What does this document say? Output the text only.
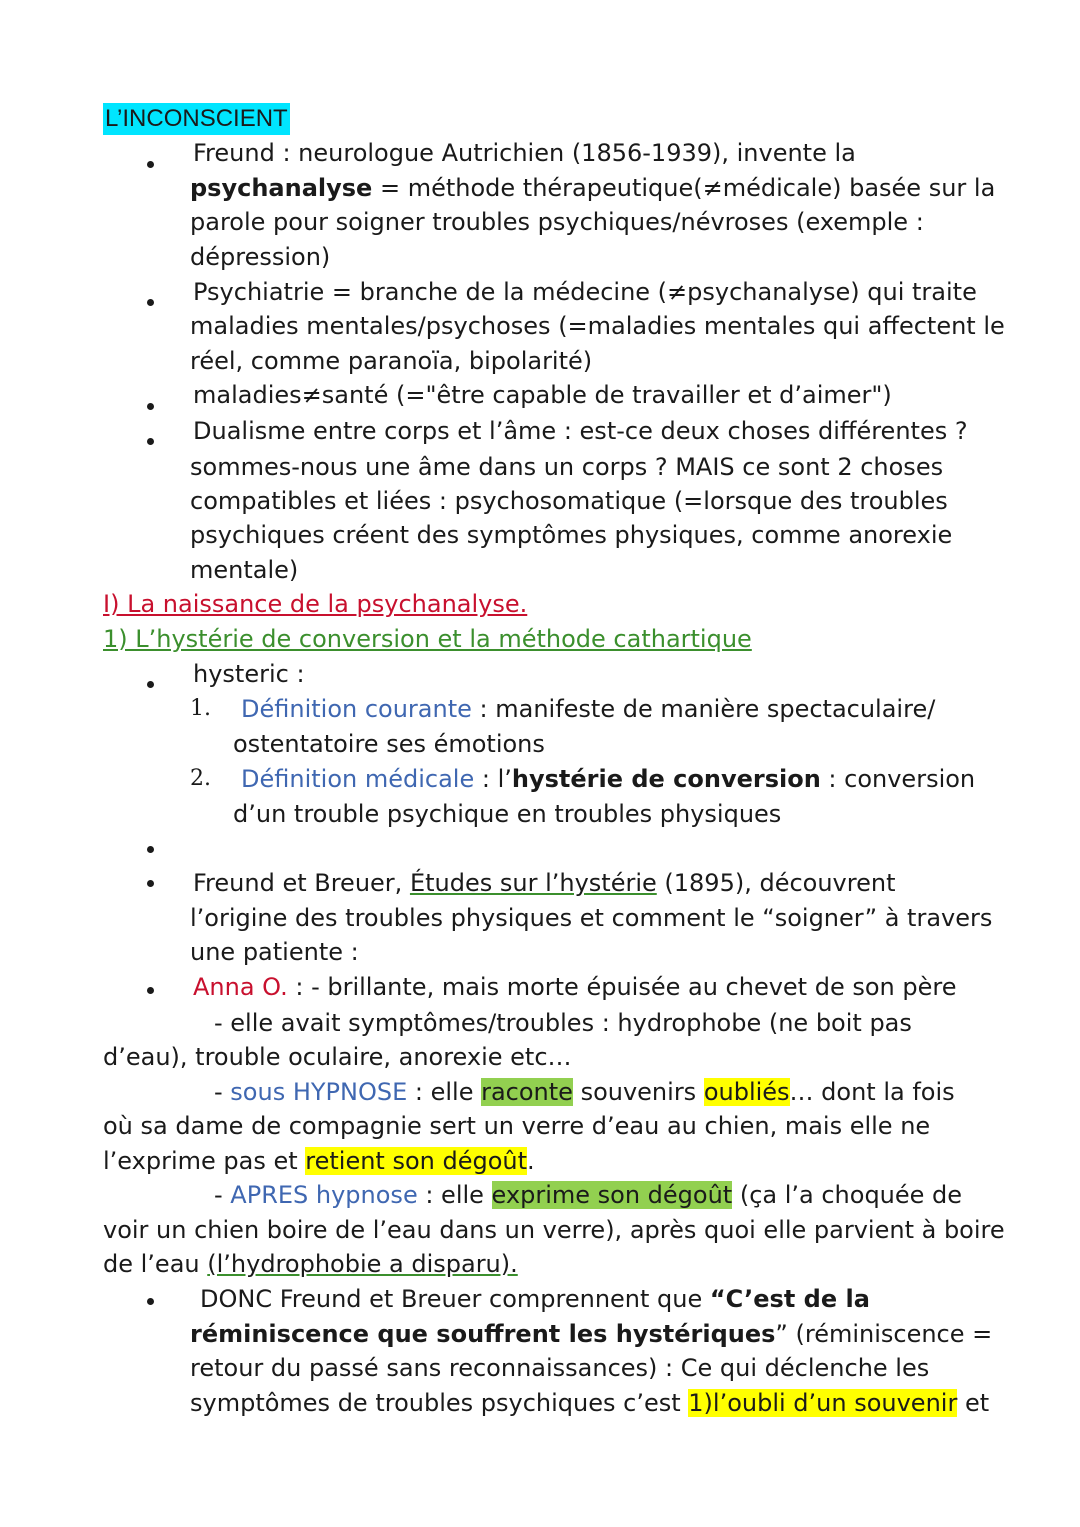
L’INCONSCIENT
Freund : neurologue Autrichien (1856-1939), invente la
psychanalyse = méthode thérapeutique(≠médicale) basée sur la
parole pour soigner troubles psychiques/névroses (exemple :
dépression)
Psychiatrie = branche de la médecine (≠psychanalyse) qui traite
maladies mentales/psychoses (=maladies mentales qui affectent le
réel, comme paranoïa, bipolarité)
maladies≠santé (="être capable de travailler et d’aimer")
Dualisme entre corps et l’âme : est-ce deux choses différentes ?
sommes-nous une âme dans un corps ? MAIS ce sont 2 choses
compatibles et liées : psychosomatique (=lorsque des troubles
psychiques créent des symptômes physiques, comme anorexie
mentale)
I) La naissance de la psychanalyse.
1) L’hystérie de conversion et la méthode cathartique
hysteric :
1. Définition courante : manifeste de manière spectaculaire/
ostentatoire ses émotions
2. Définition médicale : l’hystérie de conversion : conversion
d’un trouble psychique en troubles physiques
Freund et Breuer, Études sur l’hystérie (1895), découvrent
l’origine des troubles physiques et comment le “soigner” à travers
une patiente :
Anna O. : - brillante, mais morte épuisée au chevet de son père
- elle avait symptômes/troubles : hydrophobe (ne boit pas
d’eau), trouble oculaire, anorexie etc…
- sous HYPNOSE : elle raconte souvenirs oubliés… dont la fois
où sa dame de compagnie sert un verre d’eau au chien, mais elle ne
l’exprime pas et retient son dégoût.
- APRES hypnose : elle exprime son dégoût (ça l’a choquée de
voir un chien boire de l’eau dans un verre), après quoi elle parvient à boire
de l’eau (l’hydrophobie a disparu).
DONC Freund et Breuer comprennent que “C’est de la
réminiscence que souffrent les hystériques” (réminiscence =
retour du passé sans reconnaissances) : Ce qui déclenche les
symptômes de troubles psychiques c’est 1)l’oubli d’un souvenir et
